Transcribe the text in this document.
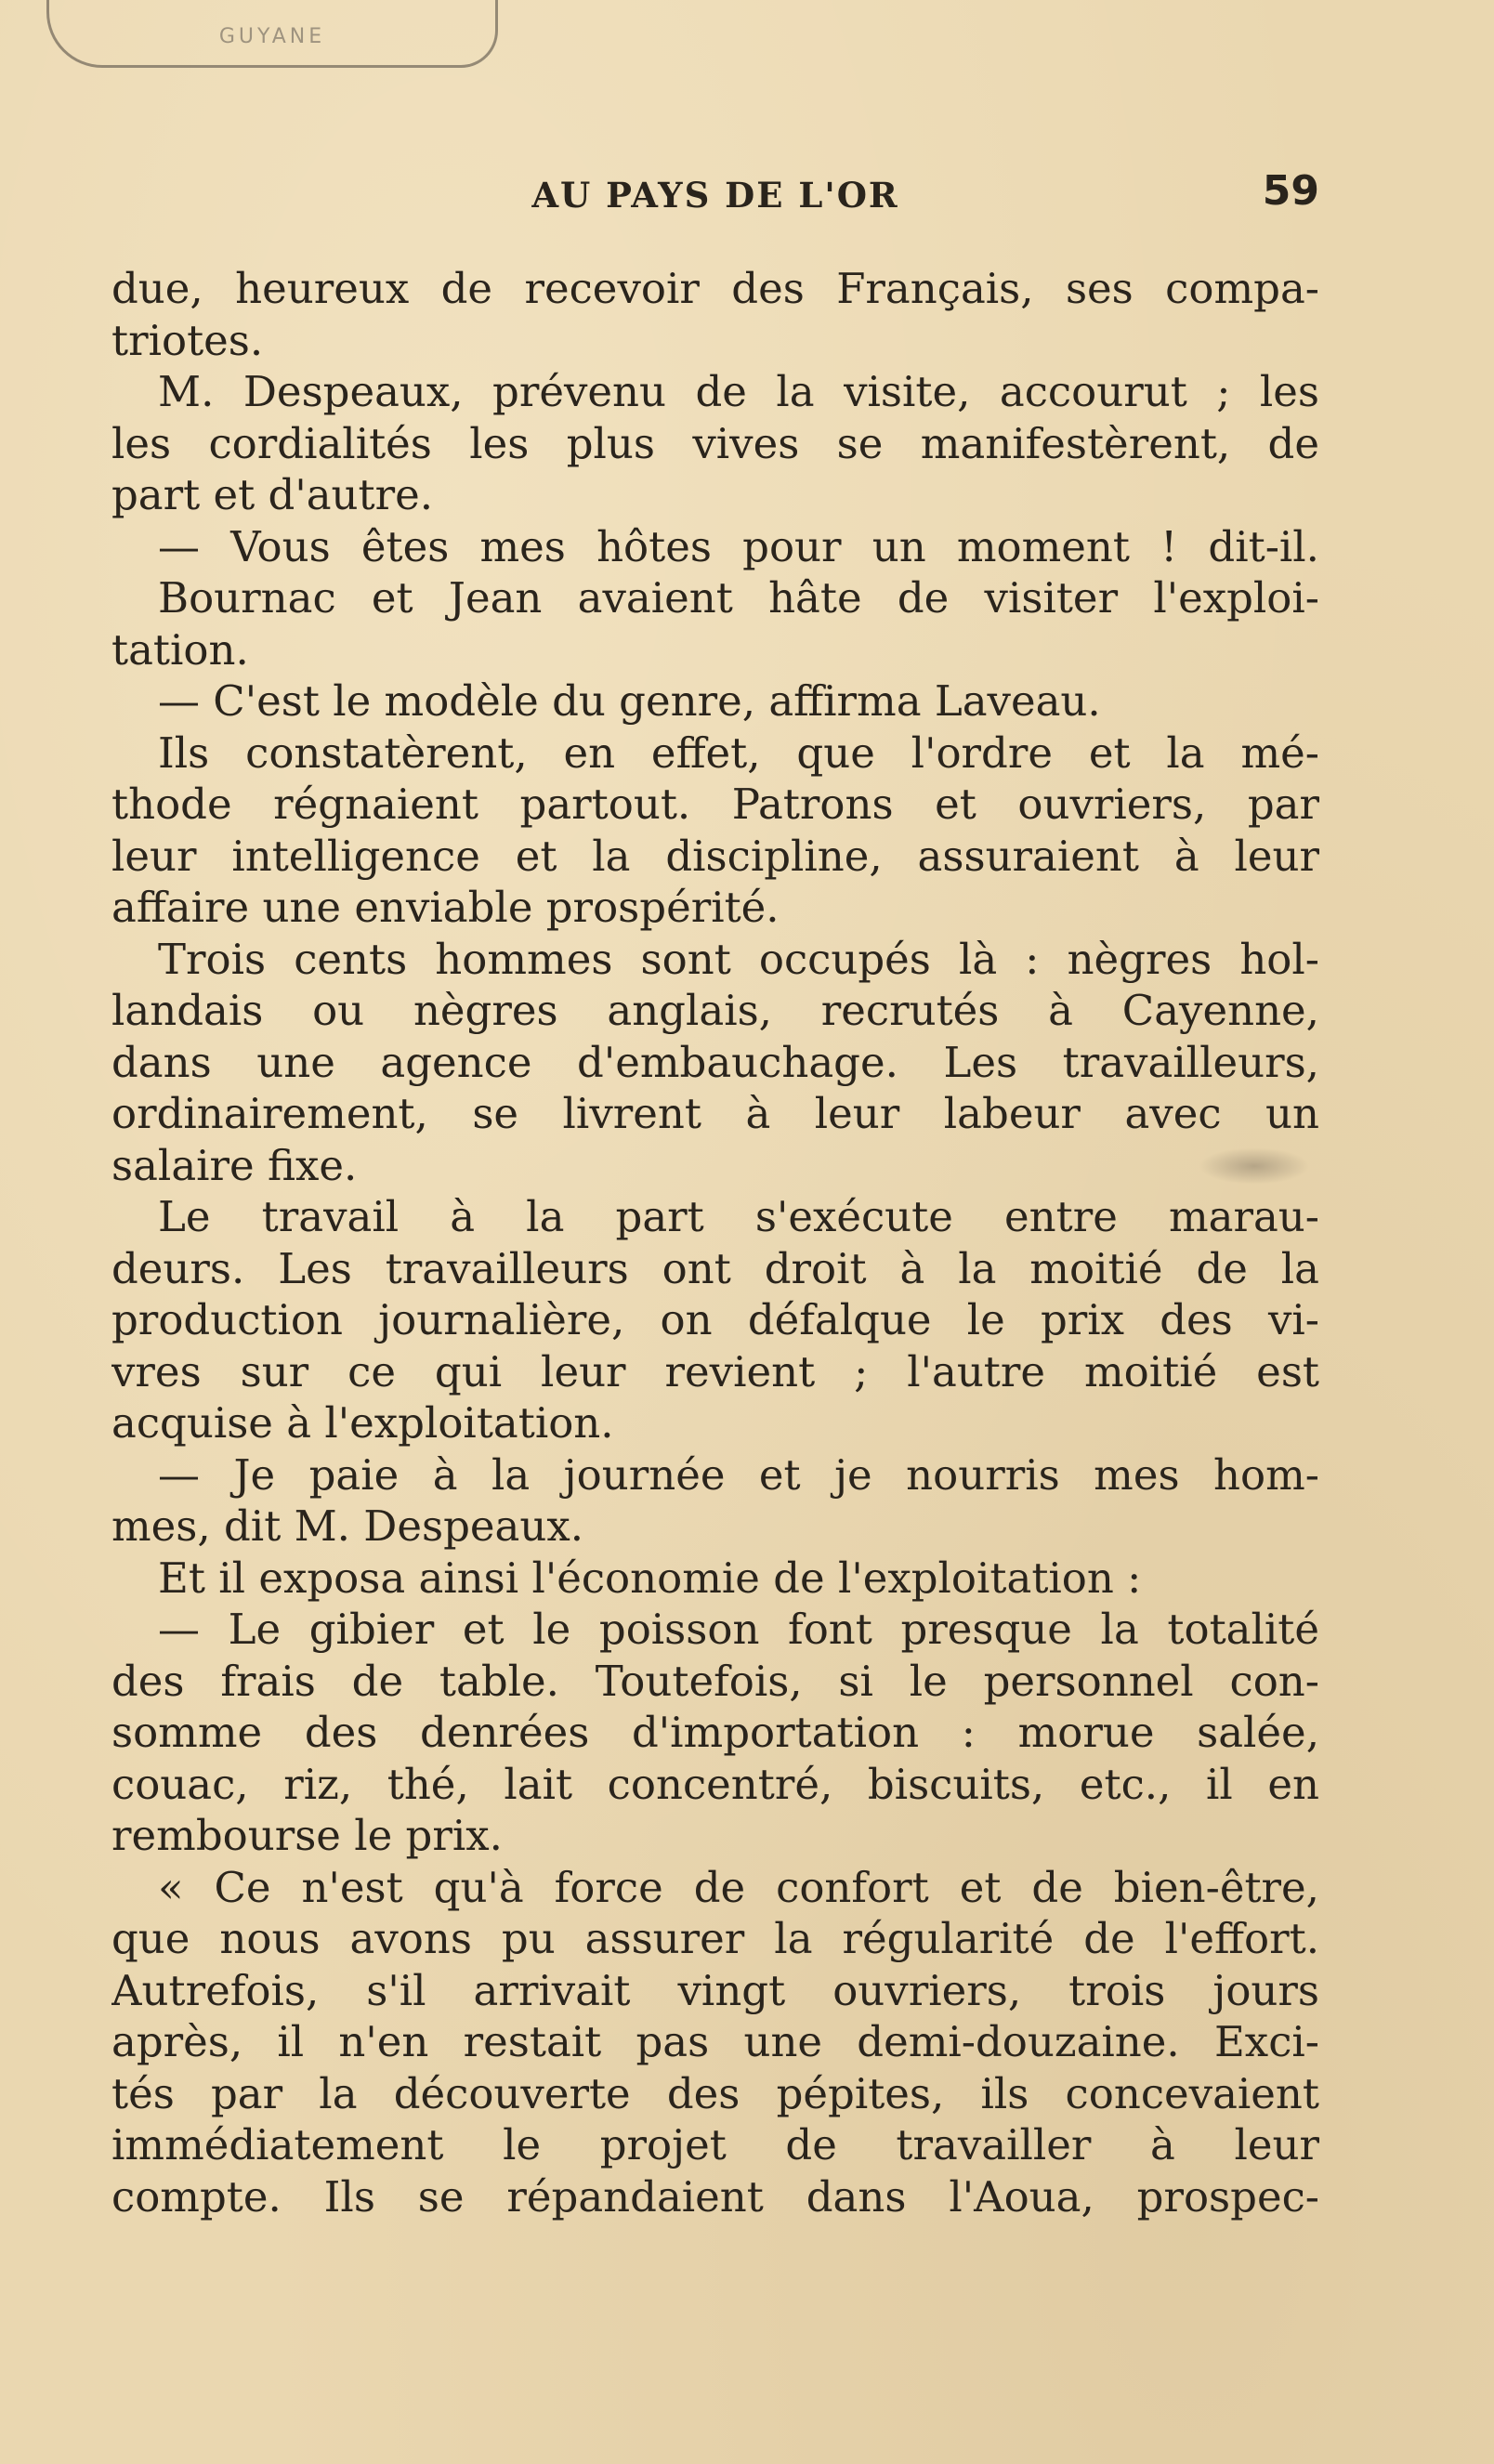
GUYANE
AU PAYS DE L'OR	59
due, heureux de recevoir des Français, ses compa-
triotes.
M. Despeaux, prévenu de la visite, accourut ; les
les cordialités les plus vives se manifestèrent, de
part et d'autre.
— Vous êtes mes hôtes pour un moment ! dit-il.
Bournac et Jean avaient hâte de visiter l'exploi-
tation.
— C'est le modèle du genre, affirma Laveau.
Ils constatèrent, en effet, que l'ordre et la mé-
thode régnaient partout. Patrons et ouvriers, par
leur intelligence et la discipline, assuraient à leur
affaire une enviable prospérité.
Trois cents hommes sont occupés là : nègres hol-
landais ou nègres anglais, recrutés à Cayenne,
dans une agence d'embauchage. Les travailleurs,
ordinairement, se livrent à leur labeur avec un
salaire fixe.
Le travail à la part s'exécute entre marau-
deurs. Les travailleurs ont droit à la moitié de la
production journalière, on défalque le prix des vi-
vres sur ce qui leur revient ; l'autre moitié est
acquise à l'exploitation.
— Je paie à la journée et je nourris mes hom-
mes, dit M. Despeaux.
Et il exposa ainsi l'économie de l'exploitation :
— Le gibier et le poisson font presque la totalité
des frais de table. Toutefois, si le personnel con-
somme des denrées d'importation : morue salée,
couac, riz, thé, lait concentré, biscuits, etc., il en
rembourse le prix.
« Ce n'est qu'à force de confort et de bien-être,
que nous avons pu assurer la régularité de l'effort.
Autrefois, s'il arrivait vingt ouvriers, trois jours
après, il n'en restait pas une demi-douzaine. Exci-
tés par la découverte des pépites, ils concevaient
immédiatement le projet de travailler à leur
compte. Ils se répandaient dans l'Aoua, prospec-
